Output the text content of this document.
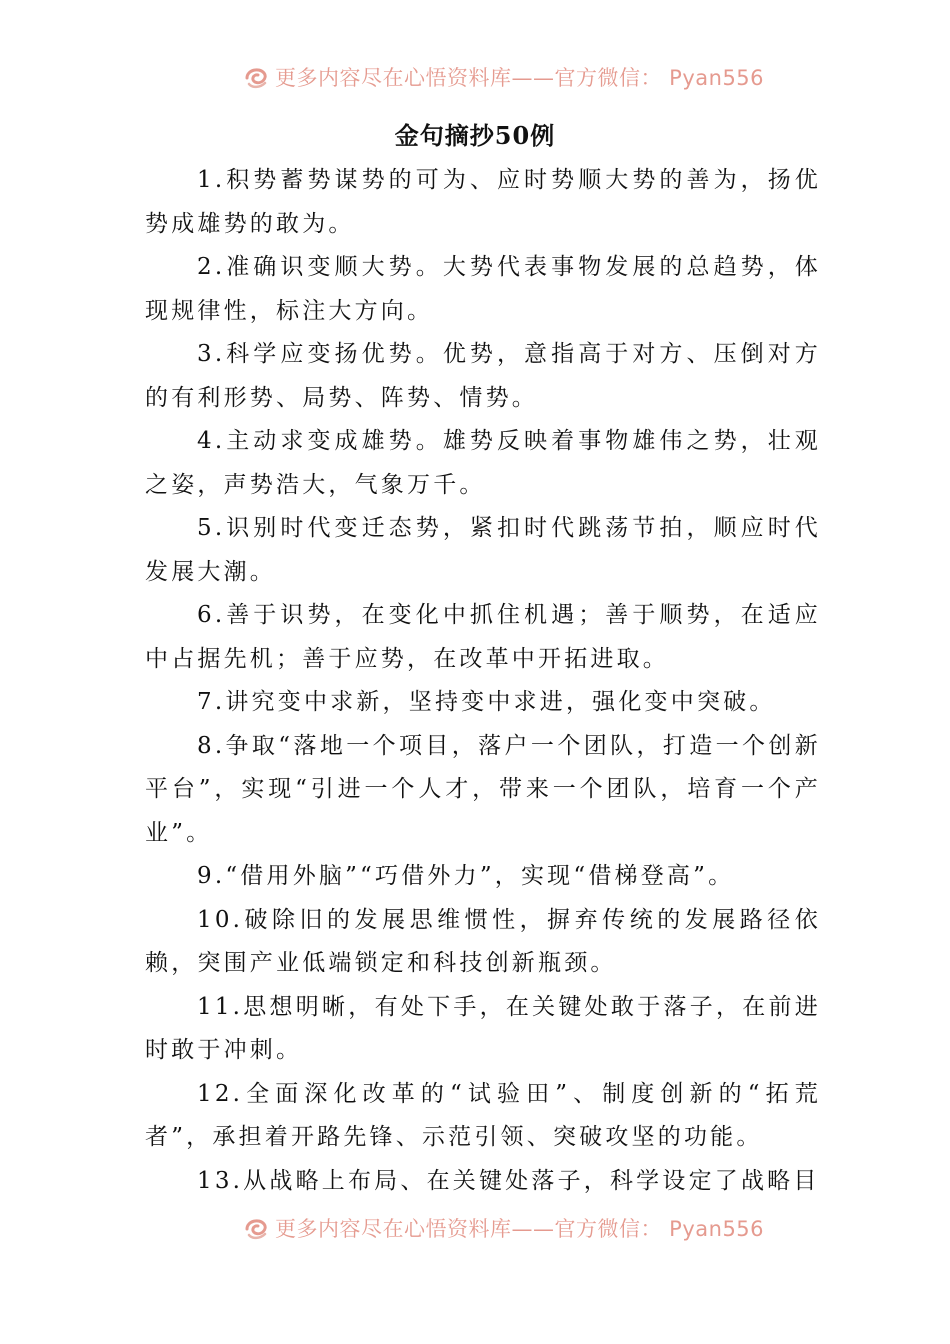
更多内容尽在心悟资料库——官方微信： Pyan556
金句摘抄50例

1.积势蓄势谋势的可为、应时势顺大势的善为，扬优势成雄势的敢为。

2.准确识变顺大势。大势代表事物发展的总趋势，体现规律性，标注大方向。

3.科学应变扬优势。优势，意指高于对方、压倒对方的有利形势、局势、阵势、情势。

4.主动求变成雄势。雄势反映着事物雄伟之势，壮观之姿，声势浩大，气象万千。

5.识别时代变迁态势，紧扣时代跳荡节拍，顺应时代发展大潮。

6.善于识势，在变化中抓住机遇；善于顺势，在适应中占据先机；善于应势，在改革中开拓进取。

7.讲究变中求新，坚持变中求进，强化变中突破。

8.争取“落地一个项目，落户一个团队，打造一个创新平台”，实现“引进一个人才，带来一个团队，培育一个产业”。

9.“借用外脑”“巧借外力”，实现“借梯登高”。

10.破除旧的发展思维惯性，摒弃传统的发展路径依赖，突围产业低端锁定和科技创新瓶颈。

11.思想明晰，有处下手，在关键处敢于落子，在前进时敢于冲刺。

12.全面深化改革的“试验田”、制度创新的“拓荒者”，承担着开路先锋、示范引领、突破攻坚的功能。

13.从战略上布局、在关键处落子，科学设定了战略目

更多内容尽在心悟资料库——官方微信： Pyan556
